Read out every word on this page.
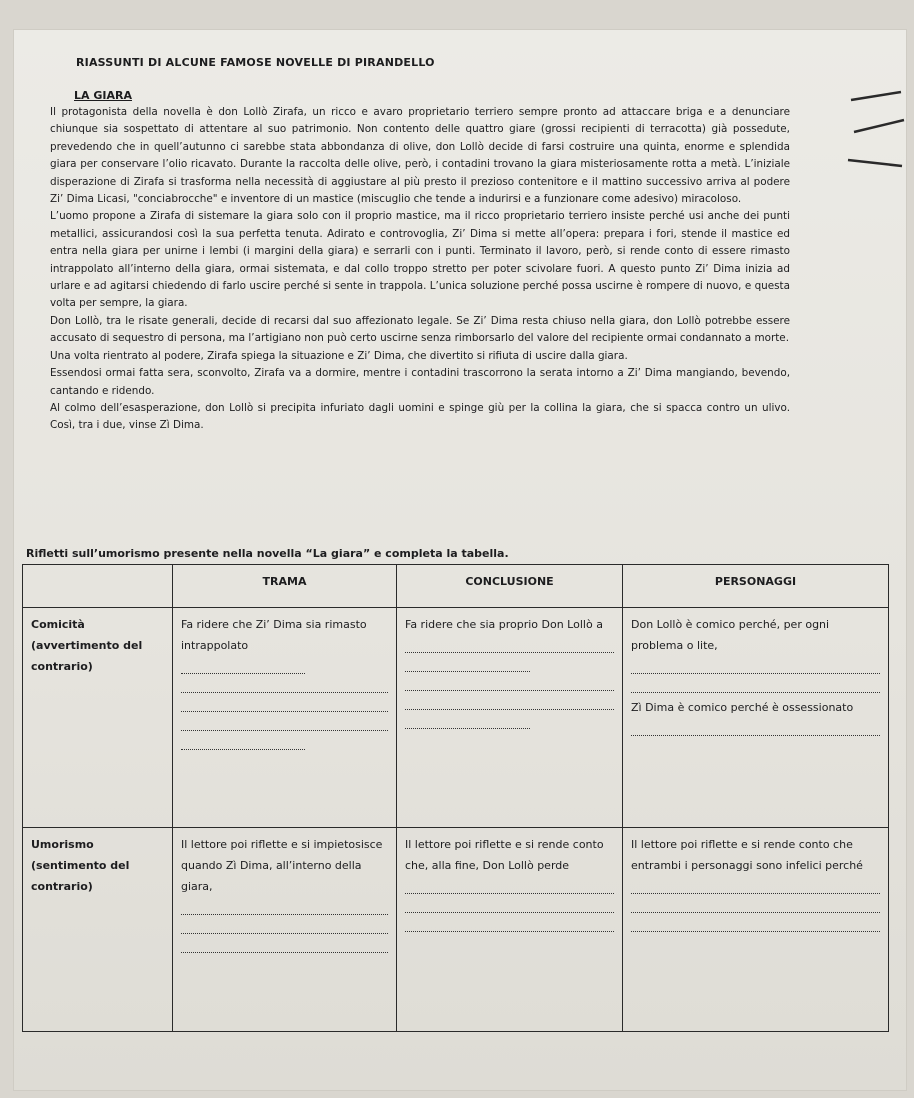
RIASSUNTI DI ALCUNE FAMOSE NOVELLE DI PIRANDELLO
LA GIARA

Il protagonista della novella è don Lollò Zirafa, un ricco e avaro proprietario terriero sempre pronto ad attaccare briga e a denunciare chiunque sia sospettato di attentare al suo patrimonio. Non contento delle quattro giare (grossi recipienti di terracotta) già possedute, prevedendo che in quell’autunno ci sarebbe stata abbondanza di olive, don Lollò decide di farsi costruire una quinta, enorme e splendida giara per conservare l’olio ricavato. Durante la raccolta delle olive, però, i contadini trovano la giara misteriosamente rotta a metà. L’iniziale disperazione di Zirafa si trasforma nella necessità di aggiustare al più presto il prezioso contenitore e il mattino successivo arriva al podere Zi’ Dima Licasi, "conciabrocche" e inventore di un mastice (miscuglio che tende a indurirsi e a funzionare come adesivo) miracoloso.

L’uomo propone a Zirafa di sistemare la giara solo con il proprio mastice, ma il ricco proprietario terriero insiste perché usi anche dei punti metallici, assicurandosi così la sua perfetta tenuta. Adirato e controvoglia, Zi’ Dima si mette all’opera: prepara i fori, stende il mastice ed entra nella giara per unirne i lembi (i margini della giara) e serrarli con i punti. Terminato il lavoro, però, si rende conto di essere rimasto intrappolato all’interno della giara, ormai sistemata, e dal collo troppo stretto per poter scivolare fuori. A questo punto Zi’ Dima inizia ad urlare e ad agitarsi chiedendo di farlo uscire perché si sente in trappola. L’unica soluzione perché possa uscirne è rompere di nuovo, e questa volta per sempre, la giara.

Don Lollò, tra le risate generali, decide di recarsi dal suo affezionato legale. Se Zi’ Dima resta chiuso nella giara, don Lollò potrebbe essere accusato di sequestro di persona, ma l’artigiano non può certo uscirne senza rimborsarlo del valore del recipiente ormai condannato a morte.

Una volta rientrato al podere, Zirafa spiega la situazione e Zi’ Dima, che divertito si rifiuta di uscire dalla giara.

Essendosi ormai fatta sera, sconvolto, Zirafa va a dormire, mentre i contadini trascorrono la serata intorno a Zi’ Dima mangiando, bevendo, cantando e ridendo.

Al colmo dell’esasperazione, don Lollò si precipita infuriato dagli uomini e spinge giù per la collina la giara, che si spacca contro un ulivo. Così, tra i due, vinse Zì Dima.

Rifletti sull’umorismo presente nella novella “La giara” e completa la tabella.
	TRAMA	CONCLUSIONE	PERSONAGGI
Comicità (avvertimento del contrario)	Fa ridere che Zi’ Dima sia rimasto intrappolato	Fa ridere che sia proprio Don Lollò a	Don Lollò è comico perché, per ogni problema o lite,
Zì Dima è comico perché è ossessionato

Umorismo (sentimento del contrario)	Il lettore poi riflette e si impietosisce quando Zì Dima, all’interno della giara,	Il lettore poi riflette e si rende conto che, alla fine, Don Lollò perde	Il lettore poi riflette e si rende conto che entrambi i personaggi sono infelici perché
